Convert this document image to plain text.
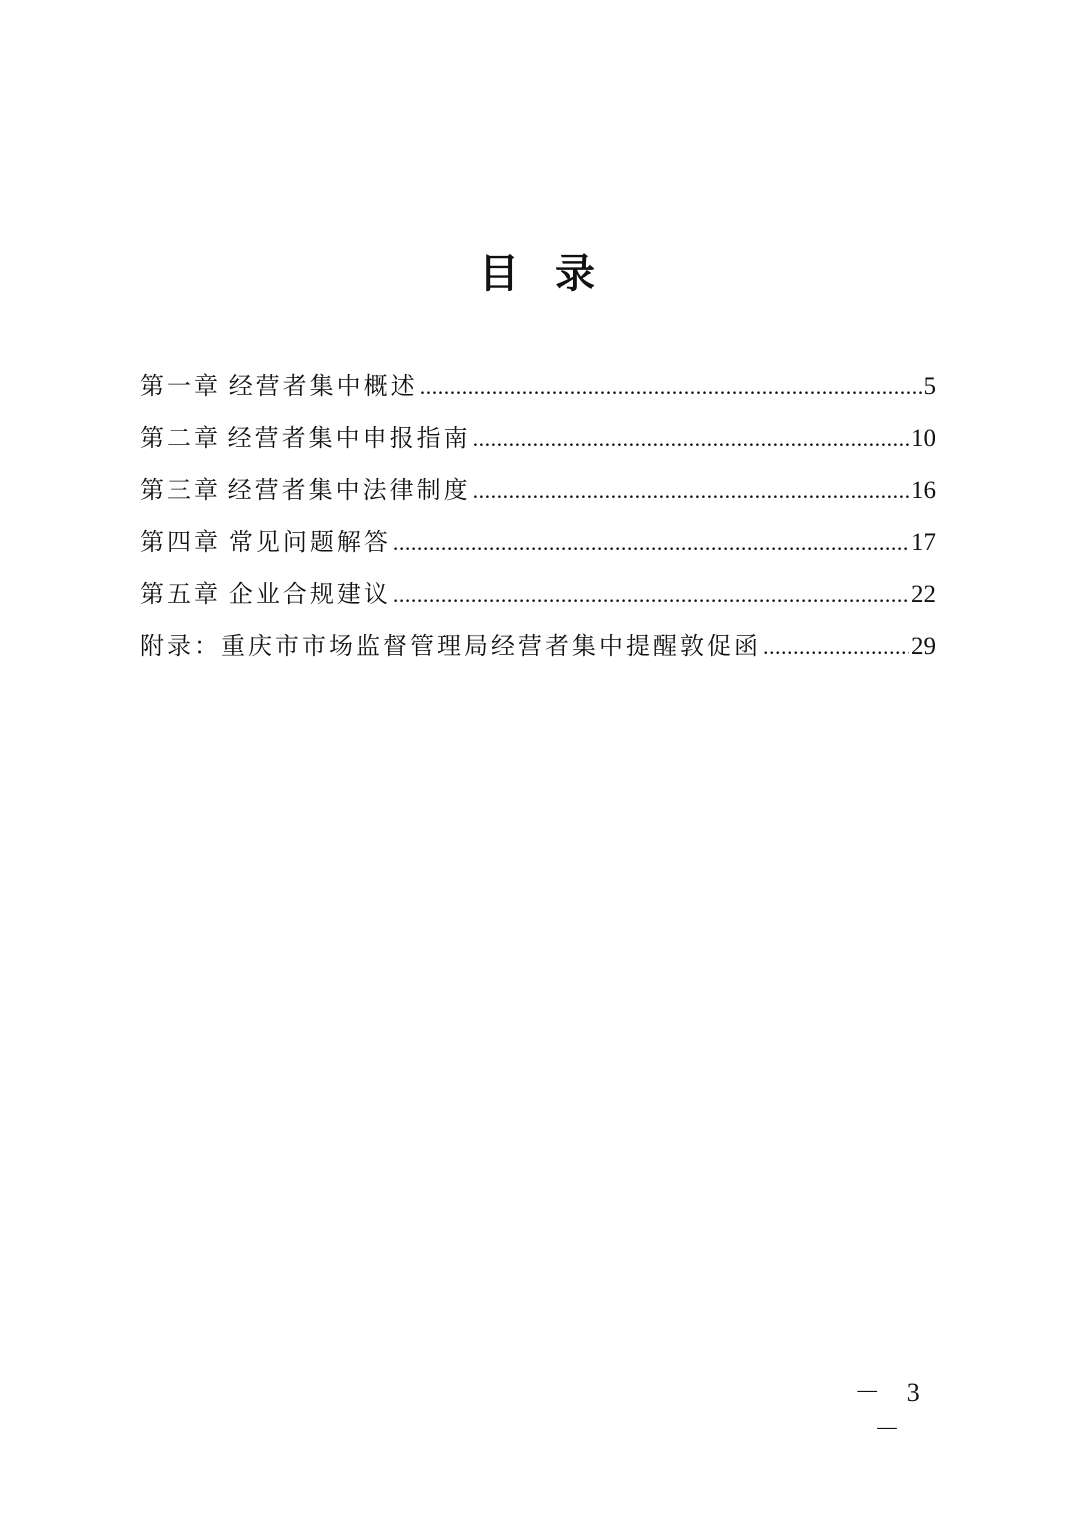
目录
第一章 经营者集中概述 .....	5
第二章 经营者集中申报指南 .....	10
第三章 经营者集中法律制度 .....	16
第四章 常见问题解答 .....	17
第五章 企业合规建议 .....	22
附录： 重庆市市场监督管理局经营者集中提醒敦促函 .....	29
－ 3 －
